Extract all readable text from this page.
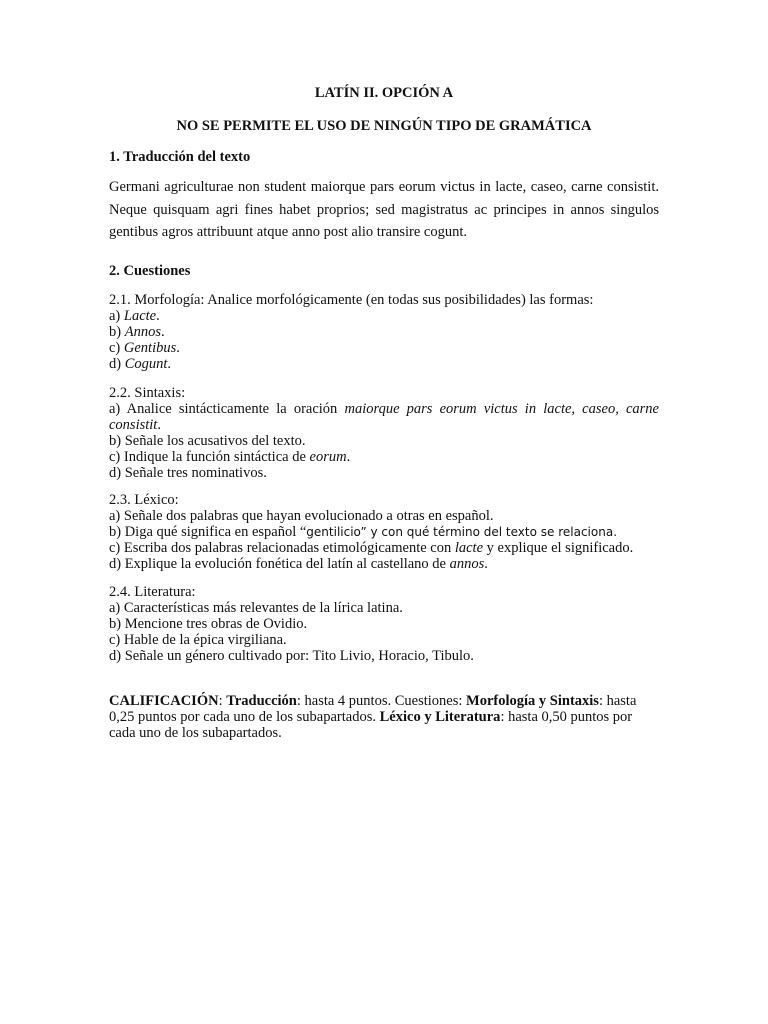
LATÍN II. OPCIÓN A
NO SE PERMITE EL USO DE NINGÚN TIPO DE GRAMÁTICA
1. Traducción del texto
Germani agriculturae non student maiorque pars eorum victus in lacte, caseo, carne consistit. Neque quisquam agri fines habet proprios; sed magistratus ac principes in annos singulos gentibus agros attribuunt atque anno post alio transire cogunt.
2. Cuestiones
2.1. Morfología: Analice morfológicamente (en todas sus posibilidades) las formas:
a) Lacte.
b) Annos.
c) Gentibus.
d) Cogunt.
2.2. Sintaxis:
a) Analice sintácticamente la oración maiorque pars eorum victus in lacte, caseo, carne consistit.
b) Señale los acusativos del texto.
c) Indique la función sintáctica de eorum.
d) Señale tres nominativos.
2.3. Léxico:
a) Señale dos palabras que hayan evolucionado a otras en español.
b) Diga qué significa en español “gentilicio” y con qué término del texto se relaciona.
c) Escriba dos palabras relacionadas etimológicamente con lacte y explique el significado.
d) Explique la evolución fonética del latín al castellano de annos.
2.4. Literatura:
a) Características más relevantes de la lírica latina.
b) Mencione tres obras de Ovidio.
c) Hable de la épica virgiliana.
d) Señale un género cultivado por: Tito Livio, Horacio, Tibulo.
CALIFICACIÓN: Traducción: hasta 4 puntos. Cuestiones: Morfología y Sintaxis: hasta 0,25 puntos por cada uno de los subapartados. Léxico y Literatura: hasta 0,50 puntos por cada uno de los subapartados.
